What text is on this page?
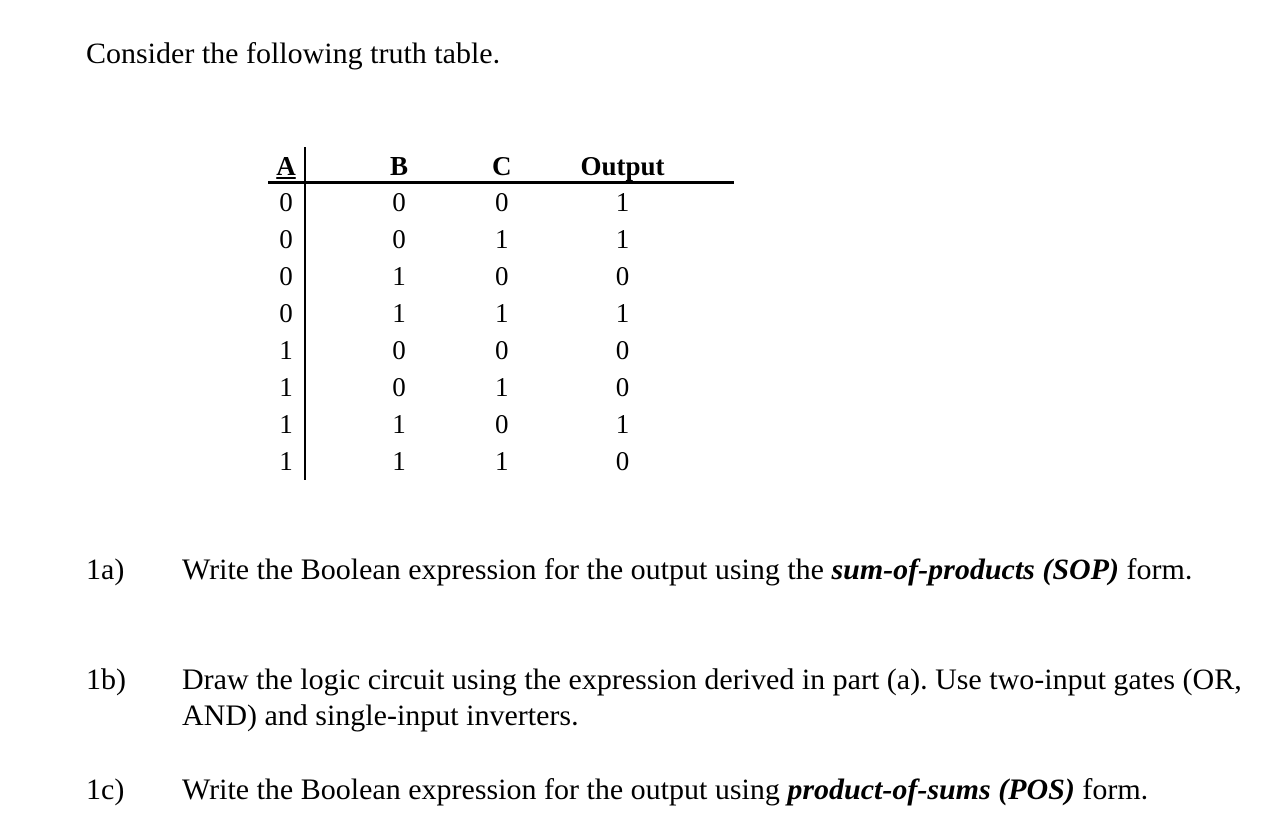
Consider the following truth table.
A	B	C	Output
0	0	0	1
0	0	1	1
0	1	0	0
0	1	1	1
1	0	0	0
1	0	1	0
1	1	0	1
1	1	1	0
1a) Write the Boolean expression for the output using the sum-of-products (SOP) form.
1b) Draw the logic circuit using the expression derived in part (a). Use two-input gates (OR, AND) and single-input inverters.
1c) Write the Boolean expression for the output using product-of-sums (POS) form.
